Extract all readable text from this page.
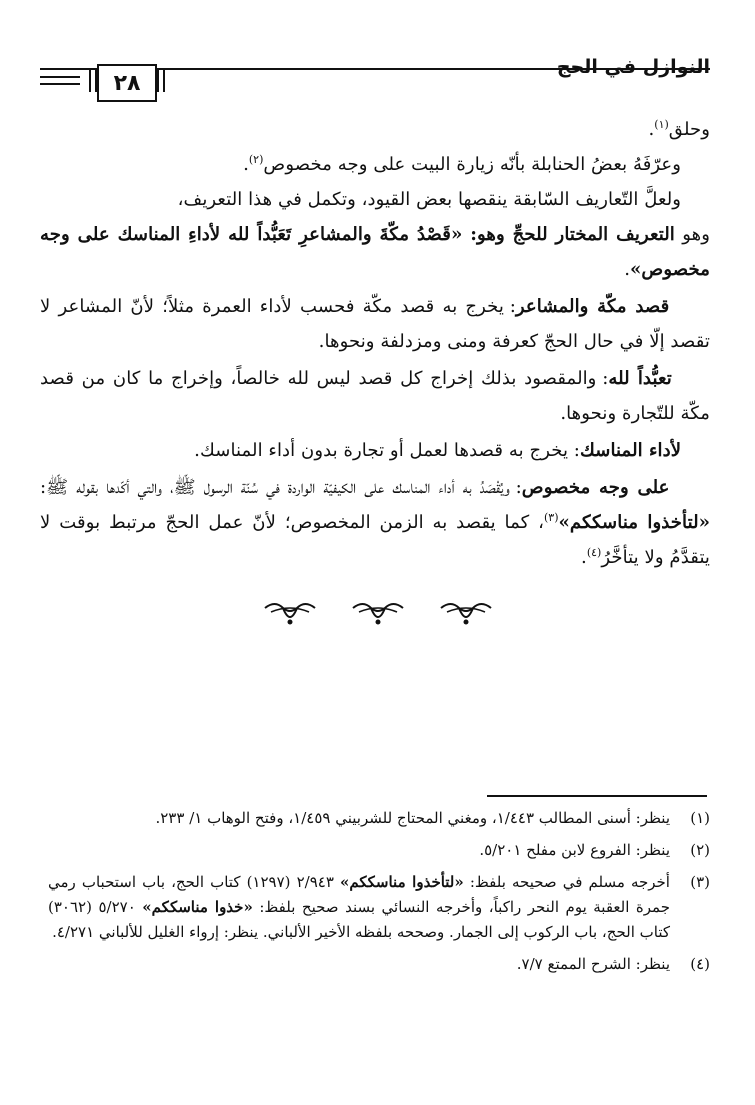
النوازل في الحج
٢٨

وحلق$^{(١)}$.

وعرّفَهُ بعضُ الحنابلة بأنّه زيارة البيت على وجه مخصوص$^{(٢)}$.

ولعلَّ التّعاريف السّابقة ينقصها بعض القيود، وتكمل في هذا التعريف،

وهو التعريف المختار للحجِّ وهو: «قَصْدُ مكّةَ والمشاعرِ تَعَبُّداً لله لأداءِ المناسك على وجه مخصوص».

قصد مكّة والمشاعر: يخرج به قصد مكّة فحسب لأداء العمرة مثلاً؛ لأنّ المشاعر لا تقصد إلّا في حال الحجّ كعرفة ومنى ومزدلفة ونحوها.

تعبُّداً لله: والمقصود بذلك إخراج كل قصد ليس لله خالصاً، وإخراج ما كان من قصد مكّة للتّجارة ونحوها.

لأداء المناسك: يخرج به قصدها لعمل أو تجارة بدون أداء المناسك.

على وجه مخصوص: ويُقْصَدُ به أداء المناسك على الكيفيّة الواردة في سُنّة الرسول ﷺ، والتي أكّدها بقوله ﷺ: «لتأخذوا مناسككم»$^{(٣)}$، كما يقصد به الزمن المخصوص؛ لأنّ عمل الحجّ مرتبط بوقت لا يتقدَّمُ ولا يتأخَّرُ$^{(٤)}$.

(١)
ينظر: أسنى المطالب ١/٤٤٣، ومغني المحتاج للشربيني ١/٤٥٩، وفتح الوهاب ١/ ٢٣٣.
(٢)
ينظر: الفروع لابن مفلح ٥/٢٠١.
(٣)
أخرجه مسلم في صحيحه بلفظ: «لتأخذوا مناسككم» ٢/٩٤٣ (١٢٩٧) كتاب الحج، باب استحباب رمي جمرة العقبة يوم النحر راكباً، وأخرجه النسائي بسند صحيح بلفظ: «خذوا مناسككم» ٥/٢٧٠ (٣٠٦٢) كتاب الحج، باب الركوب إلى الجمار. وصححه بلفظه الأخير الألباني. ينظر: إرواء الغليل للألباني ٤/٢٧١.
(٤)
ينظر: الشرح الممتع ٧/٧.
